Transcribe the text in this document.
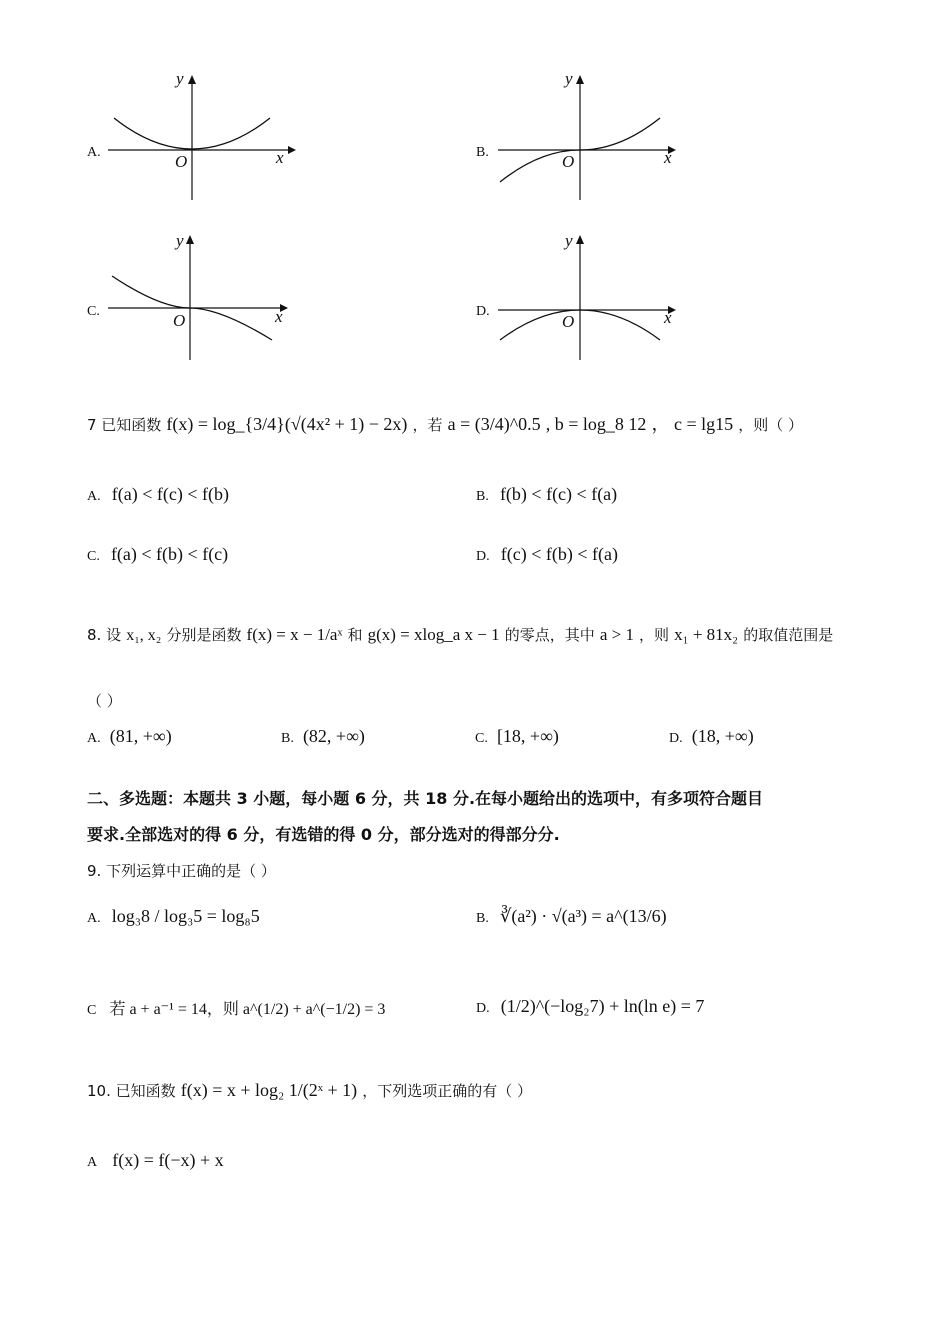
A.
y
x
O	B.
y
x
O
C.
y
x
O	D.
y
x
O
7 已知函数 f(x) = log_{3/4}(√(4x² + 1) − 2x) ，若 a = (3/4)^0.5 , b = log_8 12 ， c = lg15 ，则（ ）
A. f(a) < f(c) < f(b)	B. f(b) < f(c) < f(a)
C. f(a) < f(b) < f(c)	D. f(c) < f(b) < f(a)
8. 设 x₁, x₂ 分别是函数 f(x) = x − 1/aˣ 和 g(x) = xlog_a x − 1 的零点，其中 a > 1 ，则 x₁ + 81x₂ 的取值范围是
（ ）
A. (81, +∞)	B. (82, +∞)	C. [18, +∞)	D. (18, +∞)
二、多选题：本题共 3 小题，每小题 6 分，共 18 分.在每小题给出的选项中，有多项符合题目
要求.全部选对的得 6 分，有选错的得 0 分，部分选对的得部分分.
9. 下列运算中正确的是（ ）
A. log₃8 / log₃5 = log₈5	B. ∛(a²) · √(a³) = a^(13/6)
C 若 a + a⁻¹ = 14，则 a^(1/2) + a^(−1/2) = 3	D. (1/2)^(−log₂7) + ln(ln e) = 7
10. 已知函数 f(x) = x + log₂ 1/(2ˣ + 1) ，下列选项正确的有（ ）
A f(x) = f(−x) + x
